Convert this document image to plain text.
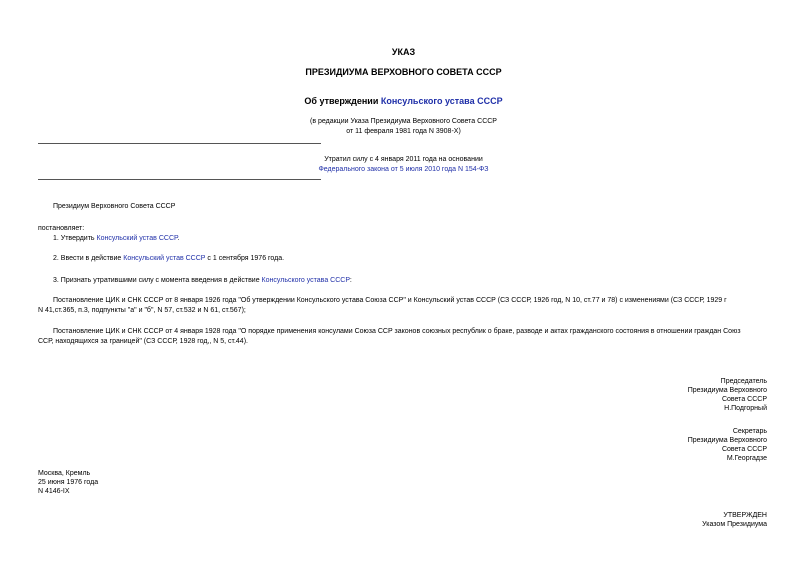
УКАЗ
ПРЕЗИДИУМА ВЕРХОВНОГО СОВЕТА СССР
Об утверждении Консульского устава СССР
(в редакции Указа Президиума Верховного Совета СССР
от 11 февраля 1981 года N 3908-X)
Утратил силу с 4 января 2011 года на основании
Федерального закона от 5 июля 2010 года N 154-ФЗ
Президиум Верховного Совета СССР
постановляет:
1. Утвердить Консульский устав СССР.
2. Ввести в действие Консульский устав СССР с 1 сентября 1976 года.
3. Признать утратившими силу с момента введения в действие Консульского устава СССР:
Постановление ЦИК и СНК СССР от 8 января 1926 года "Об утверждении Консульского устава Союза ССР" и Консульский устав СССР (СЗ СССР, 1926 год, N 10, ст.77 и 78) с изменениями (СЗ СССР, 1929 г
N 41,ст.365, п.3, подпункты "а" и "б", N 57, ст.532 и N 61, ст.567);
Постановление ЦИК и СНК СССР от 4 января 1928 года "О порядке применения консулами Союза ССР законов союзных республик о браке, разводе и актах гражданского состояния в отношении граждан Союз
ССР, находящихся за границей" (СЗ СССР, 1928 год,, N 5, ст.44).
Председатель
Президиума Верховного
Совета СССР
Н.Подгорный
Секретарь
Президиума Верховного
Совета СССР
М.Георгадзе
Москва, Кремль
25 июня 1976 года
N 4146-IX
УТВЕРЖДЕН
Указом Президиума
